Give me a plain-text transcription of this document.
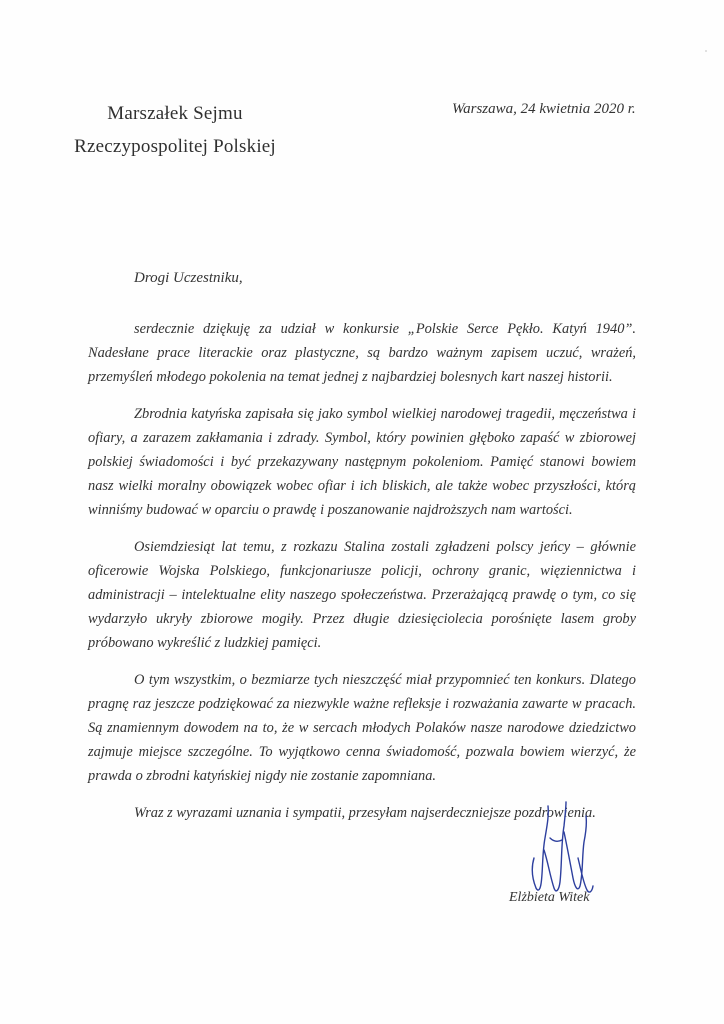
Marszałek Sejmu
Rzeczypospolitej Polskiej
Warszawa, 24 kwietnia 2020 r.
Drogi Uczestniku,

serdecznie dziękuję za udział w konkursie „Polskie Serce Pękło. Katyń 1940”. Nadesłane prace literackie oraz plastyczne, są bardzo ważnym zapisem uczuć, wrażeń, przemyśleń młodego pokolenia na temat jednej z najbardziej bolesnych kart naszej historii.

Zbrodnia katyńska zapisała się jako symbol wielkiej narodowej tragedii, męczeństwa i ofiary, a zarazem zakłamania i zdrady. Symbol, który powinien głęboko zapaść w zbiorowej polskiej świadomości i być przekazywany następnym pokoleniom. Pamięć stanowi bowiem nasz wielki moralny obowiązek wobec ofiar i ich bliskich, ale także wobec przyszłości, którą winniśmy budować w oparciu o prawdę i poszanowanie najdroższych nam wartości.

Osiemdziesiąt lat temu, z rozkazu Stalina zostali zgładzeni polscy jeńcy – głównie oficerowie Wojska Polskiego, funkcjonariusze policji, ochrony granic, więziennictwa i administracji – intelektualne elity naszego społeczeństwa. Przerażającą prawdę o tym, co się wydarzyło ukryły zbiorowe mogiły. Przez długie dziesięciolecia porośnięte lasem groby próbowano wykreślić z ludzkiej pamięci.

O tym wszystkim, o bezmiarze tych nieszczęść miał przypomnieć ten konkurs. Dlatego pragnę raz jeszcze podziękować za niezwykle ważne refleksje i rozważania zawarte w pracach. Są znamiennym dowodem na to, że w sercach młodych Polaków nasze narodowe dziedzictwo zajmuje miejsce szczególne. To wyjątkowo cenna świadomość, pozwala bowiem wierzyć, że prawda o zbrodni katyńskiej nigdy nie zostanie zapomniana.

Wraz z wyrazami uznania i sympatii, przesyłam najserdeczniejsze pozdrowienia.

Elżbieta Witek
